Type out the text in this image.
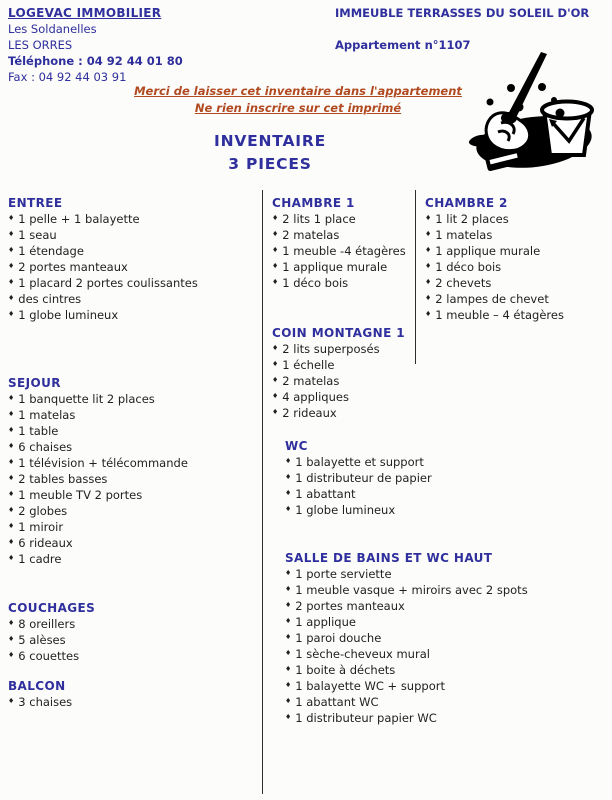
LOGEVAC IMMOBILIER
Les Soldanelles
LES ORRES
Téléphone : 04 92 44 01 80
Fax : 04 92 44 03 91
IMMEUBLE TERRASSES DU SOLEIL D'OR
Appartement n°1107
Merci de laisser cet inventaire dans l'appartement
Ne rien inscrire sur cet imprimé
INVENTAIRE
3 PIECES
ENTREE
♦
1 pelle + 1 balayette
♦
1 seau
♦
1 étendage
♦
2 portes manteaux
♦
1 placard 2 portes coulissantes
♦
des cintres
♦
1 globe lumineux
SEJOUR
♦
1 banquette lit 2 places
♦
1 matelas
♦
1 table
♦
6 chaises
♦
1 télévision + télécommande
♦
2 tables basses
♦
1 meuble TV 2 portes
♦
2 globes
♦
1 miroir
♦
6 rideaux
♦
1 cadre
COUCHAGES
♦
8 oreillers
♦
5 alèses
♦
6 couettes
BALCON
♦
3 chaises
CHAMBRE 1
♦
2 lits 1 place
♦
2 matelas
♦
1 meuble -4 étagères
♦
1 applique murale
♦
1 déco bois
COIN MONTAGNE 1
♦
2 lits superposés
♦
1 échelle
♦
2 matelas
♦
4 appliques
♦
2 rideaux
WC
♦
1 balayette et support
♦
1 distributeur de papier
♦
1 abattant
♦
1 globe lumineux
SALLE DE BAINS ET WC HAUT
♦
1 porte serviette
♦
1 meuble vasque + miroirs avec 2 spots
♦
2 portes manteaux
♦
1 applique
♦
1 paroi douche
♦
1 sèche-cheveux mural
♦
1 boite à déchets
♦
1 balayette WC + support
♦
1 abattant WC
♦
1 distributeur papier WC
CHAMBRE 2
♦
1 lit 2 places
♦
1 matelas
♦
1 applique murale
♦
1 déco bois
♦
2 chevets
♦
2 lampes de chevet
♦
1 meuble – 4 étagères
